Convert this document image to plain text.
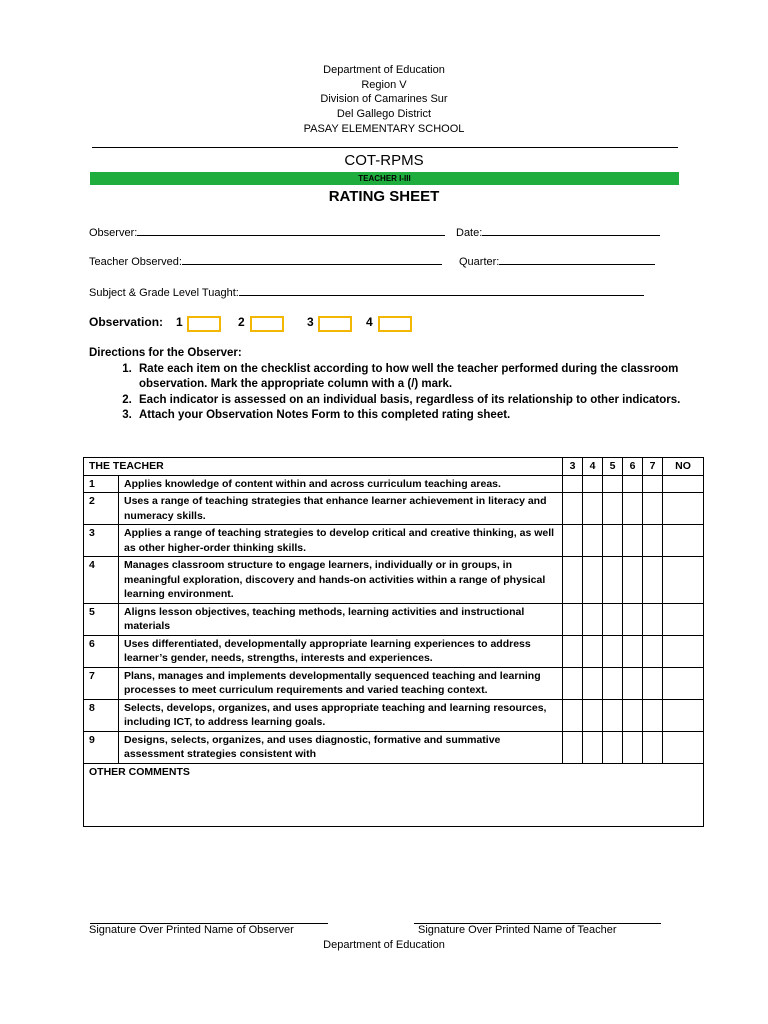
Department of Education
Region V
Division of Camarines Sur
Del Gallego District
PASAY ELEMENTARY SCHOOL
COT-RPMS
TEACHER I-III
RATING SHEET
Observer:	Date:
Teacher Observed:	Quarter:
Subject & Grade Level Tuaght:
Observation: 1	2	3	4
Directions for the Observer:
1. Rate each item on the checklist according to how well the teacher performed during the classroom observation. Mark the appropriate column with a (/) mark.
2. Each indicator is assessed on an individual basis, regardless of its relationship to other indicators.
3. Attach your Observation Notes Form to this completed rating sheet.
THE TEACHER		3	4	5	6	7	NO
1	Applies knowledge of content within and across curriculum teaching areas.						
2	Uses a range of teaching strategies that enhance learner achievement in literacy and numeracy skills.						
3	Applies a range of teaching strategies to develop critical and creative thinking, as well as other higher-order thinking skills.						
4	Manages classroom structure to engage learners, individually or in groups, in meaningful exploration, discovery and hands-on activities within a range of physical learning environment.						
5	Aligns lesson objectives, teaching methods, learning activities and instructional materials						
6	Uses differentiated, developmentally appropriate learning experiences to address learner’s gender, needs, strengths, interests and experiences.						
7	Plans, manages and implements developmentally sequenced teaching and learning processes to meet curriculum requirements and varied teaching context.						
8	Selects, develops, organizes, and uses appropriate teaching and learning resources, including ICT, to address learning goals.						
9	Designs, selects, organizes, and uses diagnostic, formative and summative assessment strategies consistent with						
OTHER COMMENTS							
Signature Over Printed Name of Observer	Signature Over Printed Name of Teacher
Department of Education
